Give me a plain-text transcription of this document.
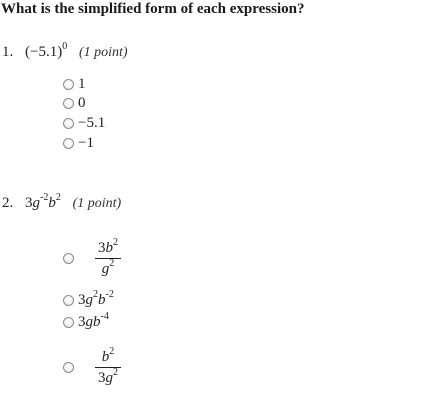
What is the simplified form of each expression?
1. $(-5.1)^0$ (1 point)
1
0
−5.1
−1
2. $3g^{-2}b^2$ (1 point)
$3b^2$
$g^2$
$3g^2b^{-2}$
$3gb^{-4}$
$b^2$
$3g^2$
